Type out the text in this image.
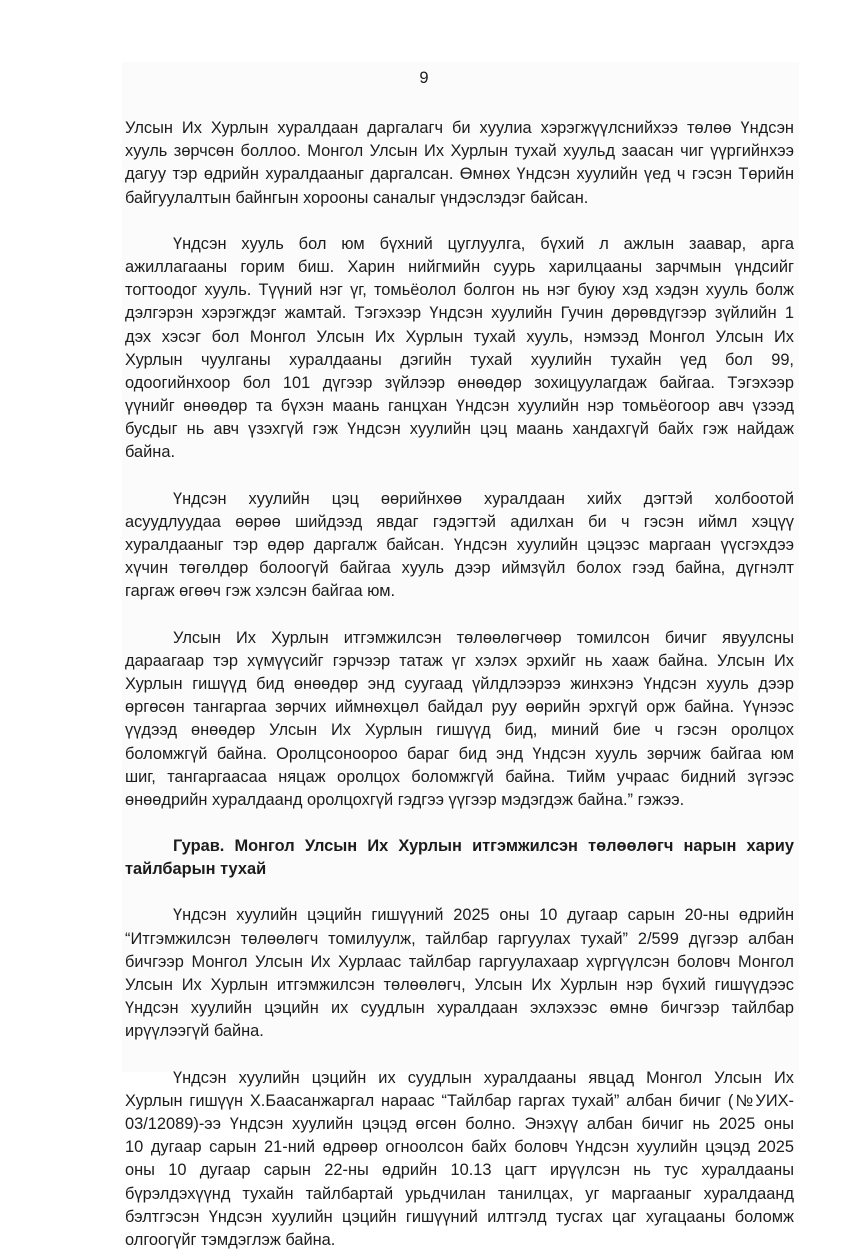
9

Улсын Их Хурлын хуралдаан даргалагч би хуулиа хэрэгжүүлснийхээ төлөө Үндсэн
хууль зөрчсөн боллоо. Монгол Улсын Их Хурлын тухай хуульд заасан чиг үүргийнхээ
дагуу тэр өдрийн хуралдааныг даргалсан. Өмнөх Үндсэн хуулийн үед ч гэсэн Төрийн
байгуулалтын байнгын хорооны саналыг үндэслэдэг байсан.

Үндсэн хууль бол юм бүхний цуглуулга, бүхий л ажлын заавар, арга
ажиллагааны горим биш. Харин нийгмийн суурь харилцааны зарчмын үндсийг
тогтоодог хууль. Түүний нэг үг, томьёолол болгон нь нэг буюу хэд хэдэн хууль болж
дэлгэрэн хэрэгждэг жамтай. Тэгэхээр Үндсэн хуулийн Гучин дөрөвдүгээр зүйлийн 1
дэх хэсэг бол Монгол Улсын Их Хурлын тухай хууль, нэмээд Монгол Улсын Их
Хурлын чуулганы хуралдааны дэгийн тухай хуулийн тухайн үед бол 99,
одоогийнхоор бол 101 дүгээр зүйлээр өнөөдөр зохицуулагдаж байгаа. Тэгэхээр
үүнийг өнөөдөр та бүхэн маань ганцхан Үндсэн хуулийн нэр томьёогоор авч үзээд
бусдыг нь авч үзэхгүй гэж Үндсэн хуулийн цэц маань хандахгүй байх гэж найдаж
байна.

Үндсэн хуулийн цэц өөрийнхөө хуралдаан хийх дэгтэй холбоотой
асуудлуудаа өөрөө шийдээд явдаг гэдэгтэй адилхан би ч гэсэн иймл хэцүү
хуралдааныг тэр өдөр даргалж байсан. Үндсэн хуулийн цэцээс маргаан үүсгэхдээ
хүчин төгөлдөр болоогүй байгаа хууль дээр иймзүйл болох гээд байна, дүгнэлт
гаргаж өгөөч гэж хэлсэн байгаа юм.

Улсын Их Хурлын итгэмжилсэн төлөөлөгчөөр томилсон бичиг явуулсны
дараагаар тэр хүмүүсийг гэрчээр татаж үг хэлэх эрхийг нь хааж байна. Улсын Их
Хурлын гишүүд бид өнөөдөр энд суугаад үйлдлээрээ жинхэнэ Үндсэн хууль дээр
өргөсөн тангаргаа зөрчих иймнөхцөл байдал руу өөрийн эрхгүй орж байна. Үүнээс
үүдээд өнөөдөр Улсын Их Хурлын гишүүд бид, миний бие ч гэсэн оролцох
боломжгүй байна. Оролцсоноороо бараг бид энд Үндсэн хууль зөрчиж байгаа юм
шиг, тангаргаасаа няцаж оролцох боломжгүй байна. Тийм учраас бидний зүгээс
өнөөдрийн хуралдаанд оролцохгүй гэдгээ үүгээр мэдэгдэж байна.” гэжээ.

Гурав. Монгол Улсын Их Хурлын итгэмжилсэн төлөөлөгч нарын хариу
тайлбарын тухай

Үндсэн хуулийн цэцийн гишүүний 2025 оны 10 дугаар сарын 20-ны өдрийн
“Итгэмжилсэн төлөөлөгч томилуулж, тайлбар гаргуулах тухай” 2/599 дүгээр албан
бичгээр Монгол Улсын Их Хурлаас тайлбар гаргуулахаар хүргүүлсэн боловч Монгол
Улсын Их Хурлын итгэмжилсэн төлөөлөгч, Улсын Их Хурлын нэр бүхий гишүүдээс
Үндсэн хуулийн цэцийн их суудлын хуралдаан эхлэхээс өмнө бичгээр тайлбар
ирүүлээгүй байна.

Үндсэн хуулийн цэцийн их суудлын хуралдааны явцад Монгол Улсын Их
Хурлын гишүүн Х.Баасанжаргал нараас “Тайлбар гаргах тухай” албан бичиг (№УИХ-
03/12089)-ээ Үндсэн хуулийн цэцэд өгсөн болно. Энэхүү албан бичиг нь 2025 оны
10 дугаар сарын 21-ний өдрөөр огноолсон байх боловч Үндсэн хуулийн цэцэд 2025
оны 10 дугаар сарын 22-ны өдрийн 10.13 цагт ирүүлсэн нь тус хуралдааны
бүрэлдэхүүнд тухайн тайлбартай урьдчилан танилцах, уг маргааныг хуралдаанд
бэлтгэсэн Үндсэн хуулийн цэцийн гишүүний илтгэлд тусгах цаг хугацааны боломж
олгоогүйг тэмдэглэж байна.
